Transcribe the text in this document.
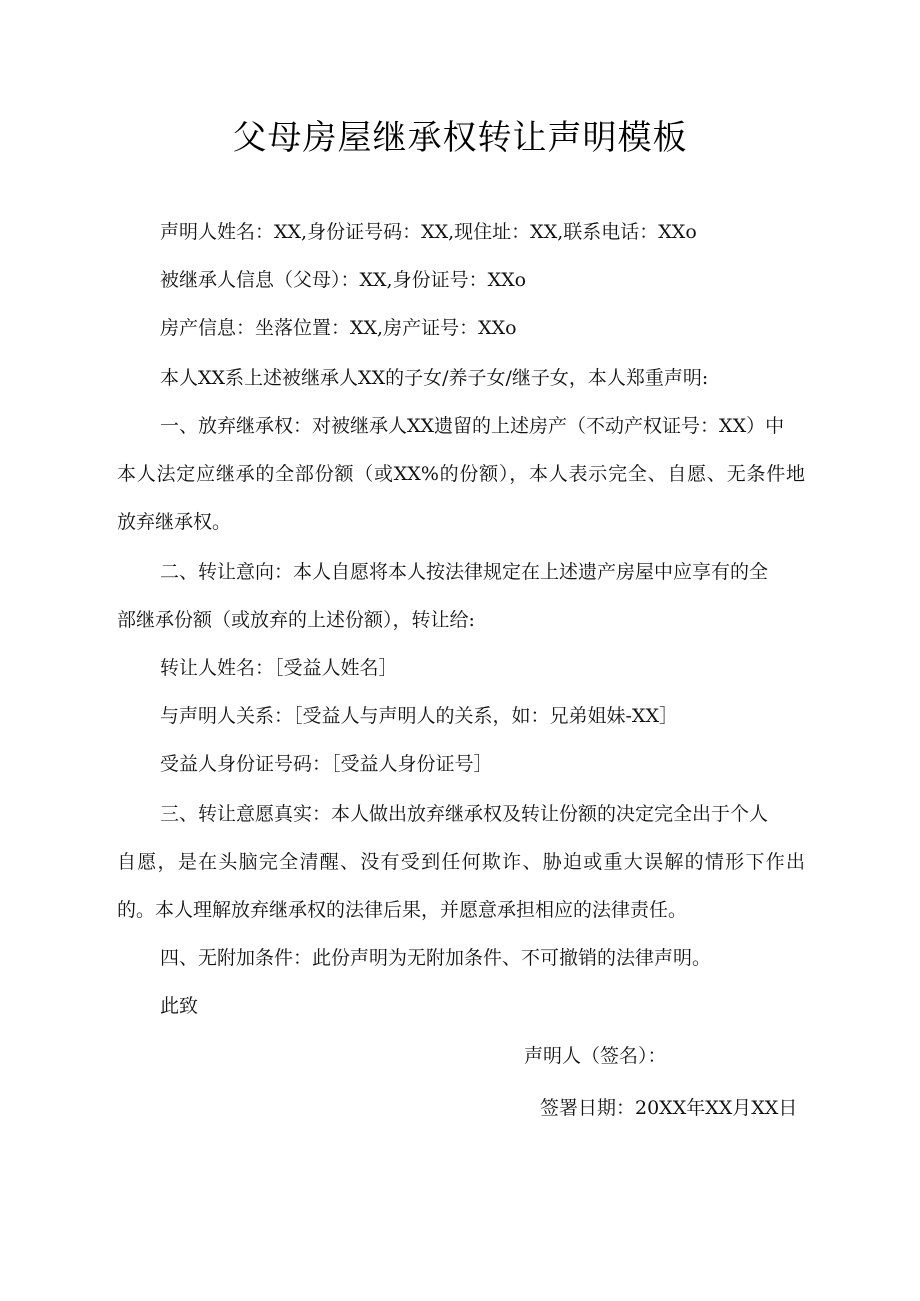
父母房屋继承权转让声明模板
声明人姓名：XX,身份证号码：XX,现住址：XX,联系电话：XXo
被继承人信息（父母）：XX,身份证号：XXo
房产信息：坐落位置：XX,房产证号：XXo
本人XX系上述被继承人XX的子女/养子女/继子女，本人郑重声明:
一、放弃继承权：对被继承人XX遗留的上述房产（不动产权证号：XX）中
本人法定应继承的全部份额（或XX%的份额），本人表示完全、自愿、无条件地
放弃继承权。
二、转让意向：本人自愿将本人按法律规定在上述遗产房屋中应享有的全
部继承份额（或放弃的上述份额），转让给:
转让人姓名：［受益人姓名］
与声明人关系：［受益人与声明人的关系，如：兄弟姐妹-XX］
受益人身份证号码：［受益人身份证号］
三、转让意愿真实：本人做出放弃继承权及转让份额的决定完全出于个人
自愿，是在头脑完全清醒、没有受到任何欺诈、胁迫或重大误解的情形下作出
的。本人理解放弃继承权的法律后果，并愿意承担相应的法律责任。
四、无附加条件：此份声明为无附加条件、不可撤销的法律声明。
此致
声明人（签名）：
签署日期：20XX年XX月XX日
